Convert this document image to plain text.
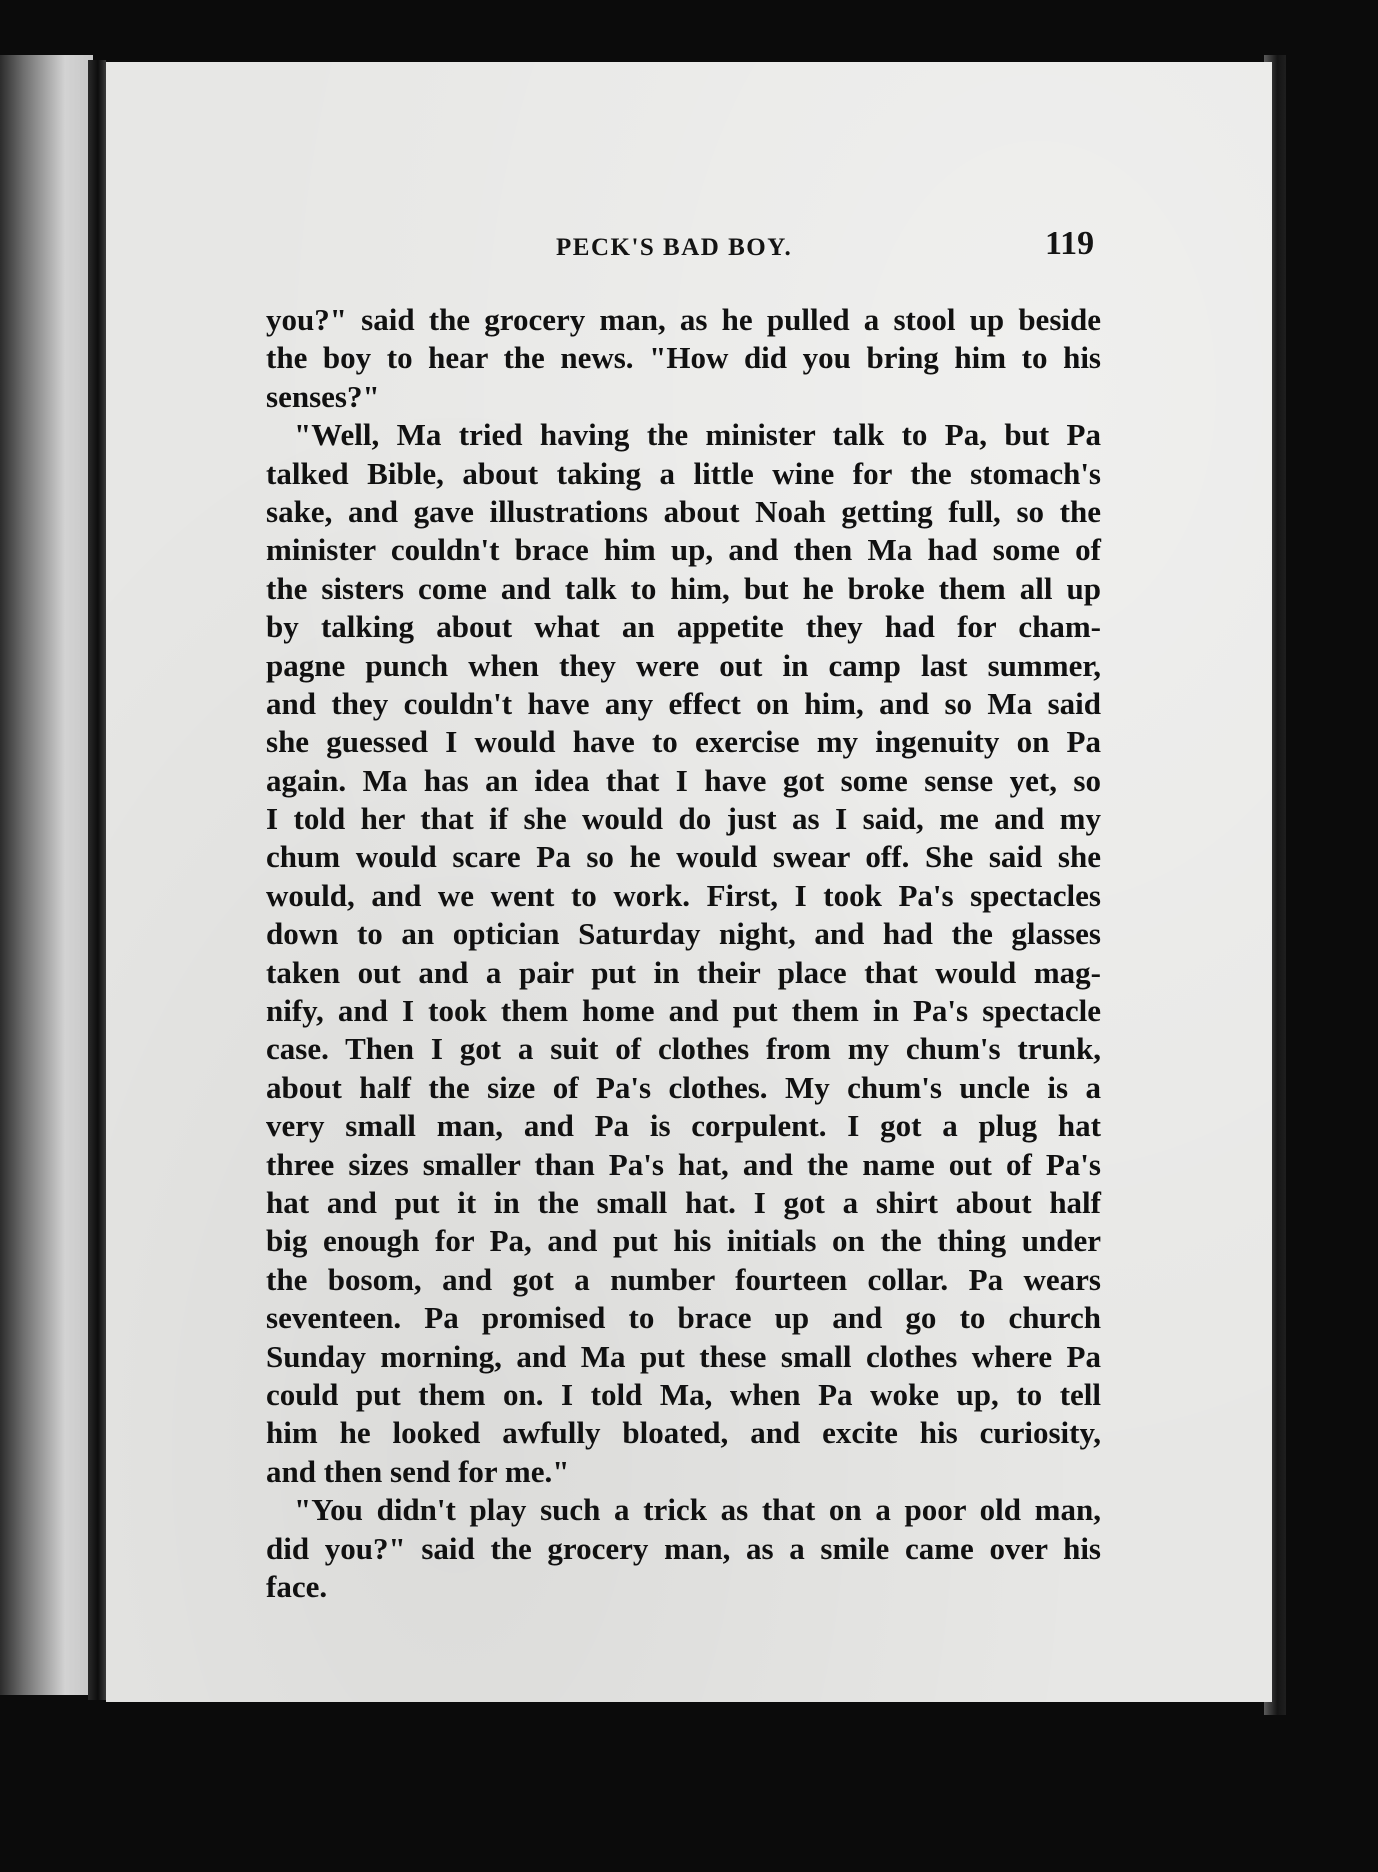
PECK'S BAD BOY.	119
you?" said the grocery man, as he pulled a stool up beside
the boy to hear the news. "How did you bring him to his
senses?"
"Well, Ma tried having the minister talk to Pa, but Pa
talked Bible, about taking a little wine for the stomach's
sake, and gave illustrations about Noah getting full, so the
minister couldn't brace him up, and then Ma had some of
the sisters come and talk to him, but he broke them all up
by talking about what an appetite they had for cham-
pagne punch when they were out in camp last summer,
and they couldn't have any effect on him, and so Ma said
she guessed I would have to exercise my ingenuity on Pa
again. Ma has an idea that I have got some sense yet, so
I told her that if she would do just as I said, me and my
chum would scare Pa so he would swear off. She said she
would, and we went to work. First, I took Pa's spectacles
down to an optician Saturday night, and had the glasses
taken out and a pair put in their place that would mag-
nify, and I took them home and put them in Pa's spectacle
case. Then I got a suit of clothes from my chum's trunk,
about half the size of Pa's clothes. My chum's uncle is a
very small man, and Pa is corpulent. I got a plug hat
three sizes smaller than Pa's hat, and the name out of Pa's
hat and put it in the small hat. I got a shirt about half
big enough for Pa, and put his initials on the thing under
the bosom, and got a number fourteen collar. Pa wears
seventeen. Pa promised to brace up and go to church
Sunday morning, and Ma put these small clothes where Pa
could put them on. I told Ma, when Pa woke up, to tell
him he looked awfully bloated, and excite his curiosity,
and then send for me."
"You didn't play such a trick as that on a poor old man,
did you?" said the grocery man, as a smile came over his
face.
